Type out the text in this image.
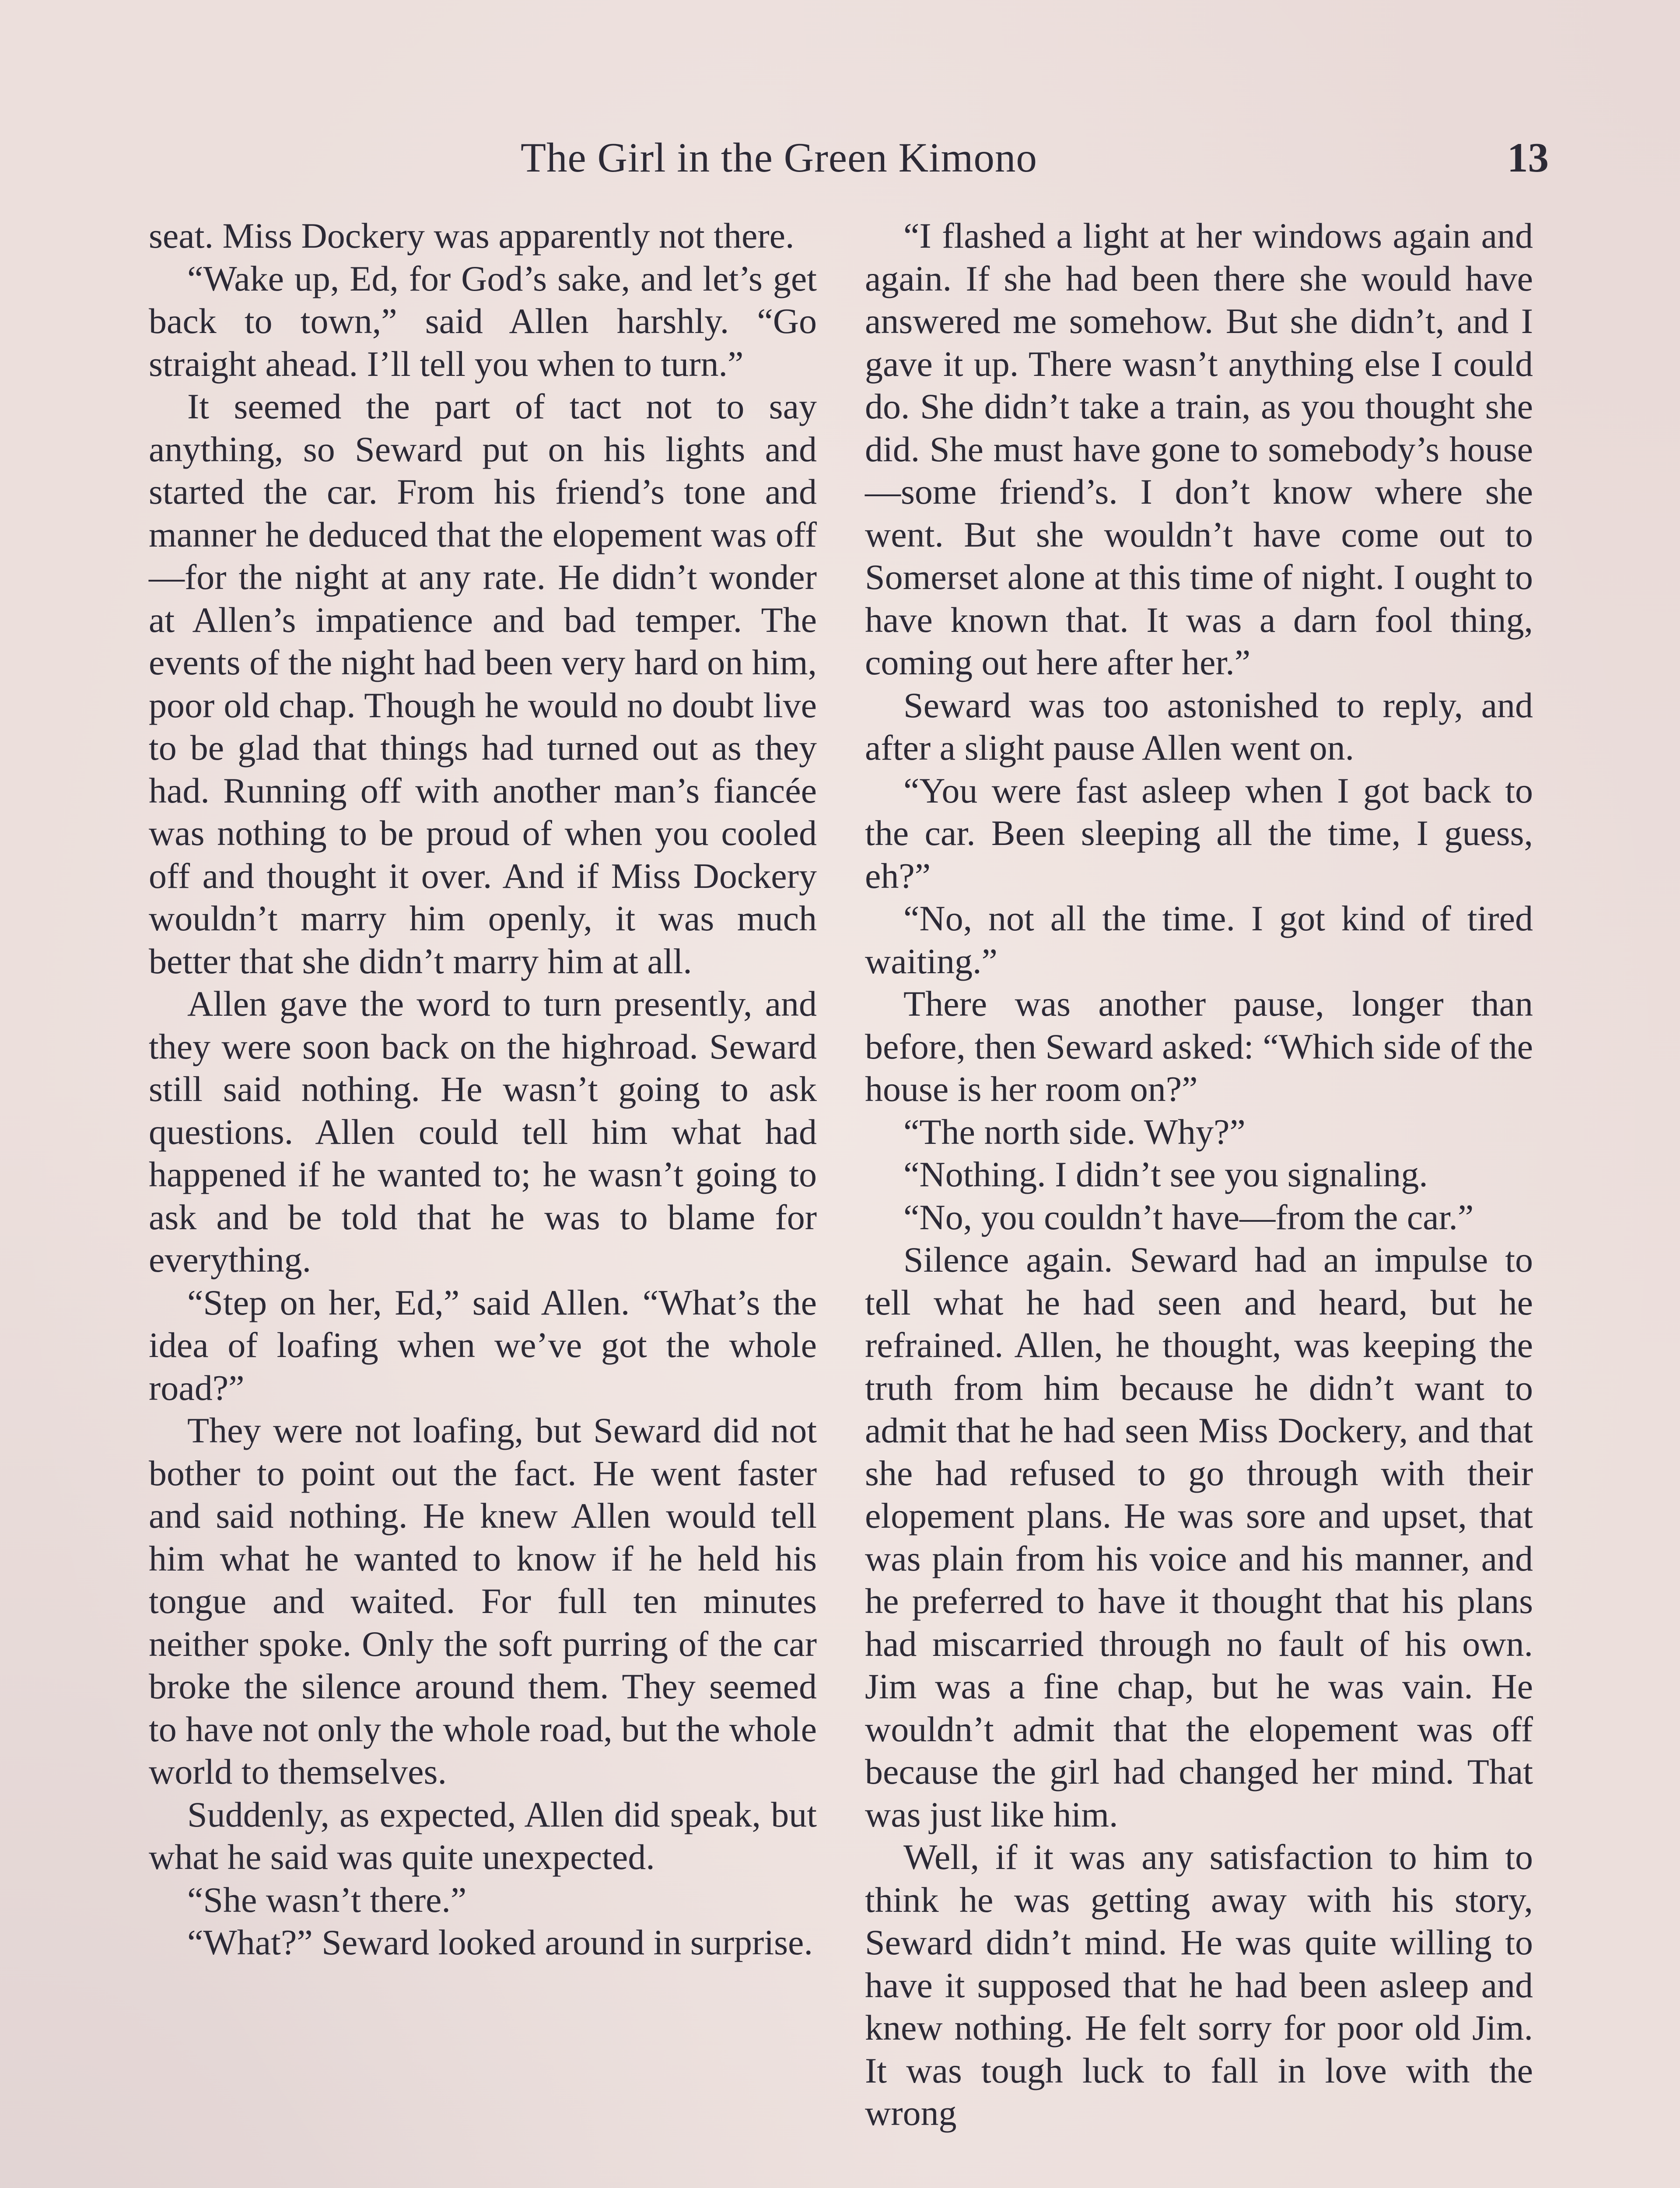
The Girl in the Green Kimono	13

seat. Miss Dockery was apparently not there.

“Wake up, Ed, for God’s sake, and let’s get back to town,” said Allen harshly. “Go straight ahead. I’ll tell you when to turn.”

It seemed the part of tact not to say anything, so Seward put on his lights and started the car. From his friend’s tone and manner he deduced that the elopement was off—for the night at any rate. He didn’t wonder at Allen’s impatience and bad temper. The events of the night had been very hard on him, poor old chap. Though he would no doubt live to be glad that things had turned out as they had. Running off with another man’s fiancée was nothing to be proud of when you cooled off and thought it over. And if Miss Dockery wouldn’t marry him openly, it was much better that she didn’t marry him at all.

Allen gave the word to turn presently, and they were soon back on the highroad. Seward still said nothing. He wasn’t going to ask questions. Allen could tell him what had happened if he wanted to; he wasn’t going to ask and be told that he was to blame for everything.

“Step on her, Ed,” said Allen. “What’s the idea of loafing when we’ve got the whole road?”

They were not loafing, but Seward did not bother to point out the fact. He went faster and said nothing. He knew Allen would tell him what he wanted to know if he held his tongue and waited. For full ten minutes neither spoke. Only the soft purring of the car broke the silence around them. They seemed to have not only the whole road, but the whole world to themselves.

Suddenly, as expected, Allen did speak, but what he said was quite unexpected.

“She wasn’t there.”

“What?” Seward looked around in surprise.

“I flashed a light at her windows again and again. If she had been there she would have answered me somehow. But she didn’t, and I gave it up. There wasn’t anything else I could do. She didn’t take a train, as you thought she did. She must have gone to somebody’s house—some friend’s. I don’t know where she went. But she wouldn’t have come out to Somerset alone at this time of night. I ought to have known that. It was a darn fool thing, coming out here after her.”

Seward was too astonished to reply, and after a slight pause Allen went on.

“You were fast asleep when I got back to the car. Been sleeping all the time, I guess, eh?”

“No, not all the time. I got kind of tired waiting.”

There was another pause, longer than before, then Seward asked: “Which side of the house is her room on?”

“The north side. Why?”

“Nothing. I didn’t see you signaling.

“No, you couldn’t have—from the car.”

Silence again. Seward had an impulse to tell what he had seen and heard, but he refrained. Allen, he thought, was keeping the truth from him because he didn’t want to admit that he had seen Miss Dockery, and that she had refused to go through with their elopement plans. He was sore and upset, that was plain from his voice and his manner, and he preferred to have it thought that his plans had miscarried through no fault of his own. Jim was a fine chap, but he was vain. He wouldn’t admit that the elopement was off because the girl had changed her mind. That was just like him.

Well, if it was any satisfaction to him to think he was getting away with his story, Seward didn’t mind. He was quite willing to have it supposed that he had been asleep and knew nothing. He felt sorry for poor old Jim. It was tough luck to fall in love with the wrong
